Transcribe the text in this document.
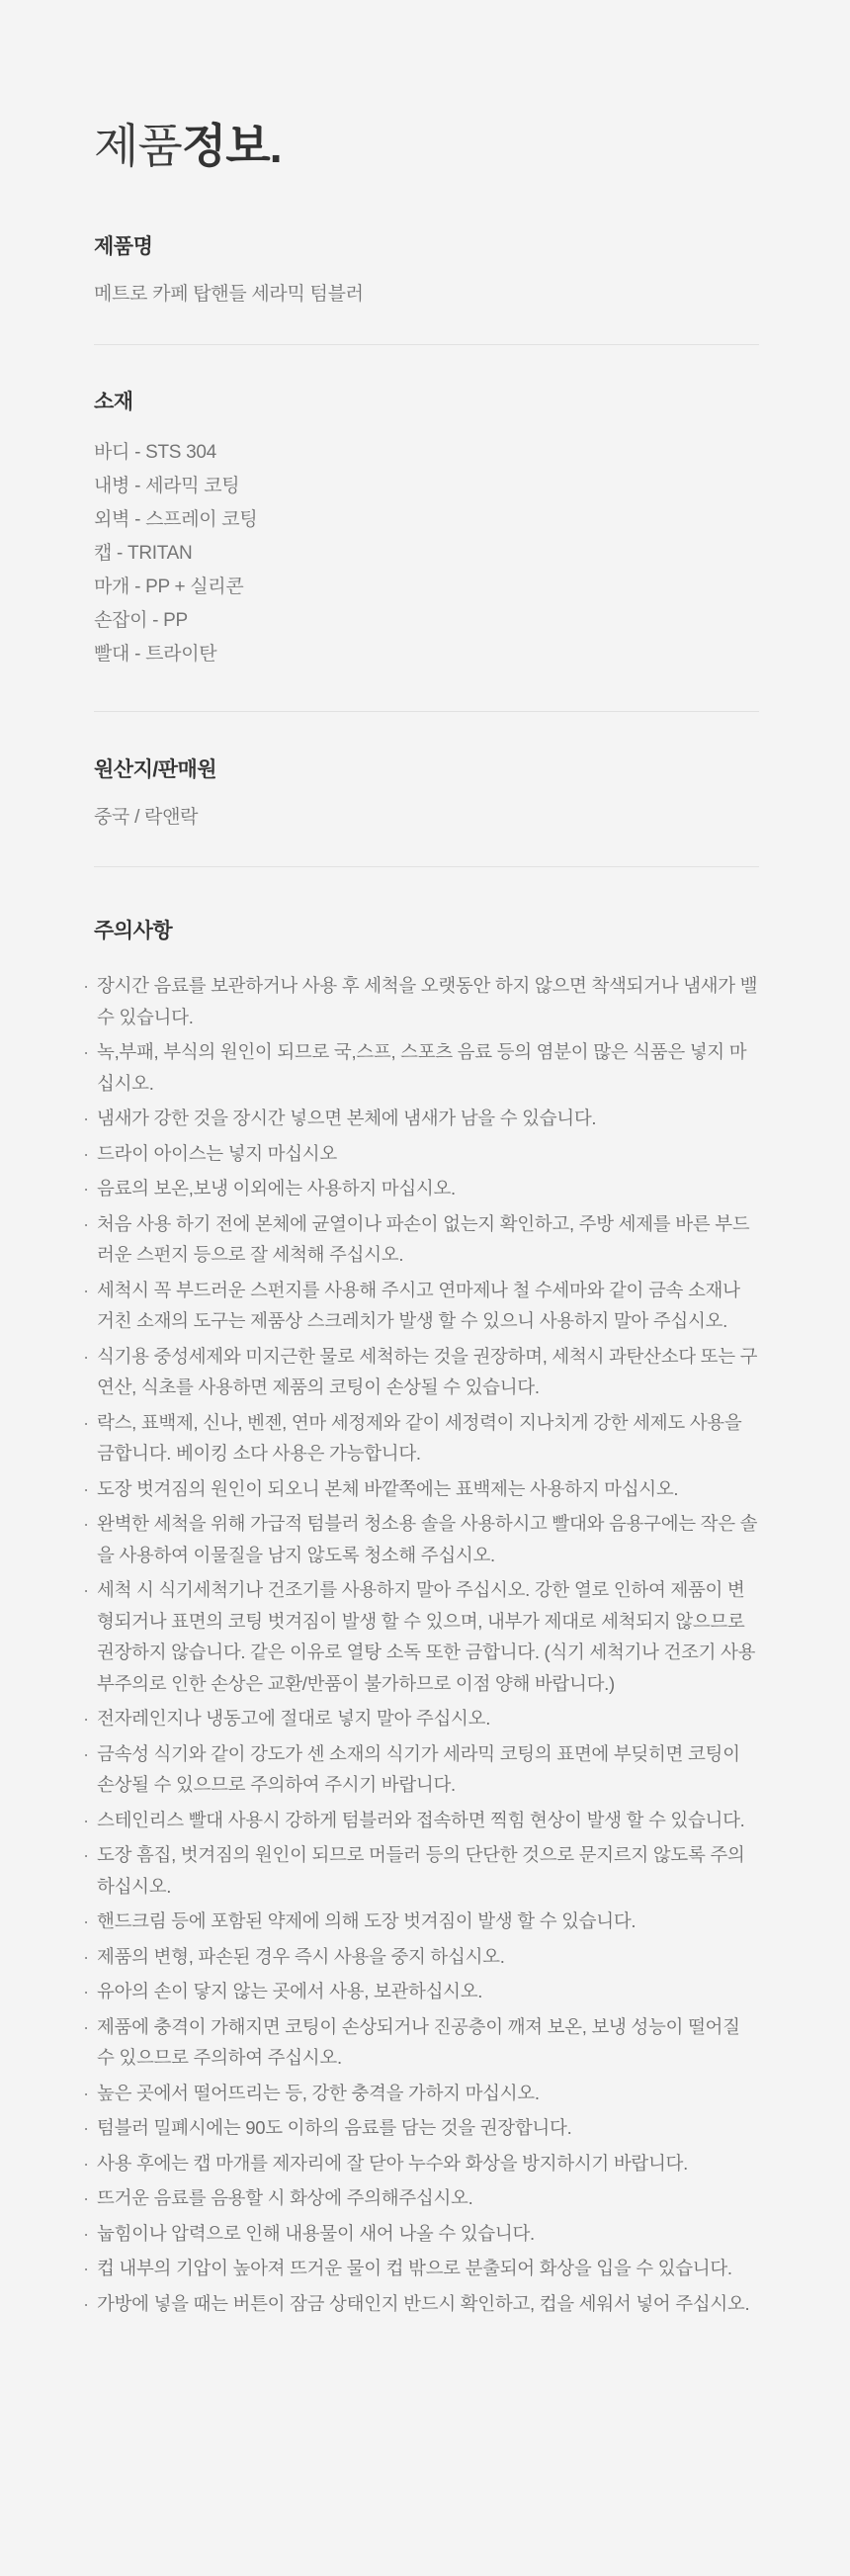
제품정보.
제품명

메트로 카페 탑핸들 세라믹 텀블러

소재
바디 - STS 304
내병 - 세라믹 코팅
외벽 - 스프레이 코팅
캡 - TRITAN
마개 - PP + 실리콘
손잡이 - PP
빨대 - 트라이탄
원산지/판매원

중국 / 락앤락

주의사항
· 장시간 음료를 보관하거나 사용 후 세척을 오랫동안 하지 않으면 착색되거나 냄새가 밸 수 있습니다.
· 녹,부패, 부식의 원인이 되므로 국,스프, 스포츠 음료 등의 염분이 많은 식품은 넣지 마십시오.
· 냄새가 강한 것을 장시간 넣으면 본체에 냄새가 남을 수 있습니다.
· 드라이 아이스는 넣지 마십시오
· 음료의 보온,보냉 이외에는 사용하지 마십시오.
· 처음 사용 하기 전에 본체에 균열이나 파손이 없는지 확인하고, 주방 세제를 바른 부드러운 스펀지 등으로 잘 세척해 주십시오.
· 세척시 꼭 부드러운 스펀지를 사용해 주시고 연마제나 철 수세마와 같이 금속 소재나 거친 소재의 도구는 제품상 스크레치가 발생 할 수 있으니 사용하지 말아 주십시오.
· 식기용 중성세제와 미지근한 물로 세척하는 것을 권장하며, 세척시 과탄산소다 또는 구연산, 식초를 사용하면 제품의 코팅이 손상될 수 있습니다.
· 락스, 표백제, 신나, 벤젠, 연마 세정제와 같이 세정력이 지나치게 강한 세제도 사용을 금합니다. 베이킹 소다 사용은 가능합니다.
· 도장 벗겨짐의 원인이 되오니 본체 바깥쪽에는 표백제는 사용하지 마십시오.
· 완벽한 세척을 위해 가급적 텀블러 청소용 솔을 사용하시고 빨대와 음용구에는 작은 솔을 사용하여 이물질을 남지 않도록 청소해 주십시오.
· 세척 시 식기세척기나 건조기를 사용하지 말아 주십시오. 강한 열로 인하여 제품이 변형되거나 표면의 코팅 벗겨짐이 발생 할 수 있으며, 내부가 제대로 세척되지 않으므로 권장하지 않습니다. 같은 이유로 열탕 소독 또한 금합니다. (식기 세척기나 건조기 사용 부주의로 인한 손상은 교환/반품이 불가하므로 이점 양해 바랍니다.)
· 전자레인지나 냉동고에 절대로 넣지 말아 주십시오.
· 금속성 식기와 같이 강도가 센 소재의 식기가 세라믹 코팅의 표면에 부딪히면 코팅이 손상될 수 있으므로 주의하여 주시기 바랍니다.
· 스테인리스 빨대 사용시 강하게 텀블러와 접속하면 찍힘 현상이 발생 할 수 있습니다.
· 도장 흠집, 벗겨짐의 원인이 되므로 머들러 등의 단단한 것으로 문지르지 않도록 주의 하십시오.
· 핸드크림 등에 포함된 약제에 의해 도장 벗겨짐이 발생 할 수 있습니다.
· 제품의 변형, 파손된 경우 즉시 사용을 중지 하십시오.
· 유아의 손이 닿지 않는 곳에서 사용, 보관하십시오.
· 제품에 충격이 가해지면 코팅이 손상되거나 진공층이 깨져 보온, 보냉 성능이 떨어질 수 있으므로 주의하여 주십시오.
· 높은 곳에서 떨어뜨리는 등, 강한 충격을 가하지 마십시오.
· 텀블러 밀폐시에는 90도 이하의 음료를 담는 것을 권장합니다.
· 사용 후에는 캡 마개를 제자리에 잘 닫아 누수와 화상을 방지하시기 바랍니다.
· 뜨거운 음료를 음용할 시 화상에 주의해주십시오.
· 눕힘이나 압력으로 인해 내용물이 새어 나올 수 있습니다.
· 컵 내부의 기압이 높아져 뜨거운 물이 컵 밖으로 분출되어 화상을 입을 수 있습니다.
· 가방에 넣을 때는 버튼이 잠금 상태인지 반드시 확인하고, 컵을 세워서 넣어 주십시오.
